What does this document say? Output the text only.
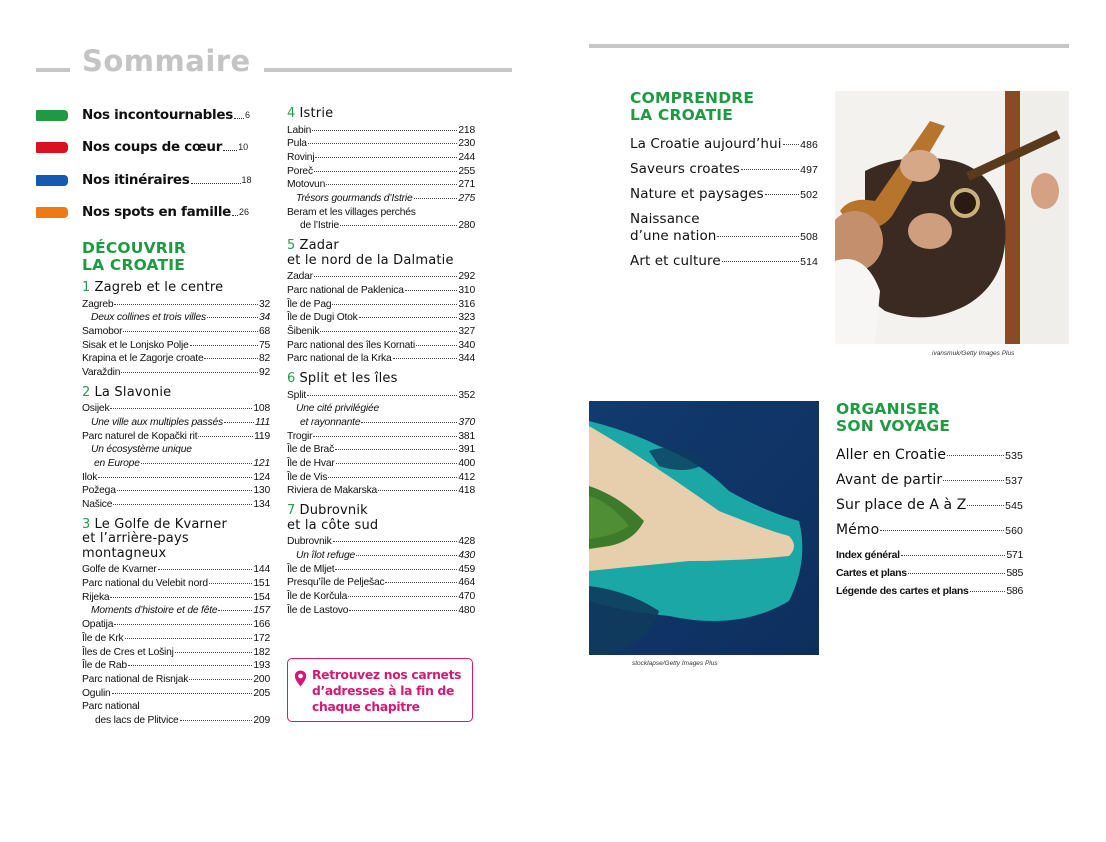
Sommaire
Nos incontournables 6
Nos coups de cœur 10
Nos itinéraires	18
Nos spots en famille 26
DÉCOUVRIR
LA CROATIE
1 Zagreb et le centre
Zagreb	32
Deux collines et trois villes	34
Samobor	68
Sisak et le Lonjsko Polje	75
Krapina et le Zagorje croate	82
Varaždin	92
2 La Slavonie
Osijek	108
Une ville aux multiples passés	111
Parc naturel de Kopački rit	119
Un écosystème unique
en Europe	121
Ilok	124
Požega	130
Našice	134
3 Le Golfe de Kvarner
et l’arrière-pays
montagneux
Golfe de Kvarner	144
Parc national du Velebit nord	151
Rijeka	154
Moments d’histoire et de fête	157
Opatija	166
Île de Krk	172
Îles de Cres et Lošinj	182
Île de Rab	193
Parc national de Risnjak	200
Ogulin	205
Parc national
des lacs de Plitvice	209
4 Istrie
Labin	218
Pula	230
Rovinj	244
Poreč	255
Motovun	271
Trésors gourmands d’Istrie	275
Beram et les villages perchés
de l’Istrie	280
5 Zadar
et le nord de la Dalmatie
Zadar	292
Parc national de Paklenica	310
Île de Pag	316
Île de Dugi Otok	323
Šibenik	327
Parc national des îles Kornati	340
Parc national de la Krka	344
6 Split et les îles
Split	352
Une cité privilégiée
et rayonnante	370
Trogir	381
Île de Brač	391
Île de Hvar	400
Île de Vis	412
Riviera de Makarska	418
7 Dubrovnik
et la côte sud
Dubrovnik	428
Un îlot refuge	430
Île de Mljet	459
Presqu’île de Pelješac	464
Île de Korčula	470
Île de Lastovo	480
Retrouvez nos carnets d’adresses à la fin de chaque chapitre
COMPRENDRE
LA CROATIE
La Croatie aujourd’hui 486
Saveurs croates	497
Nature et paysages	502
Naissance
d’une nation	508
Art et culture	514
ivansmuk/Getty Images Plus
stocklapse/Getty Images Plus
ORGANISER
SON VOYAGE
Aller en Croatie	535
Avant de partir	537
Sur place de A à Z	545
Mémo	560
Index général	571
Cartes et plans	585
Légende des cartes et plans	586
